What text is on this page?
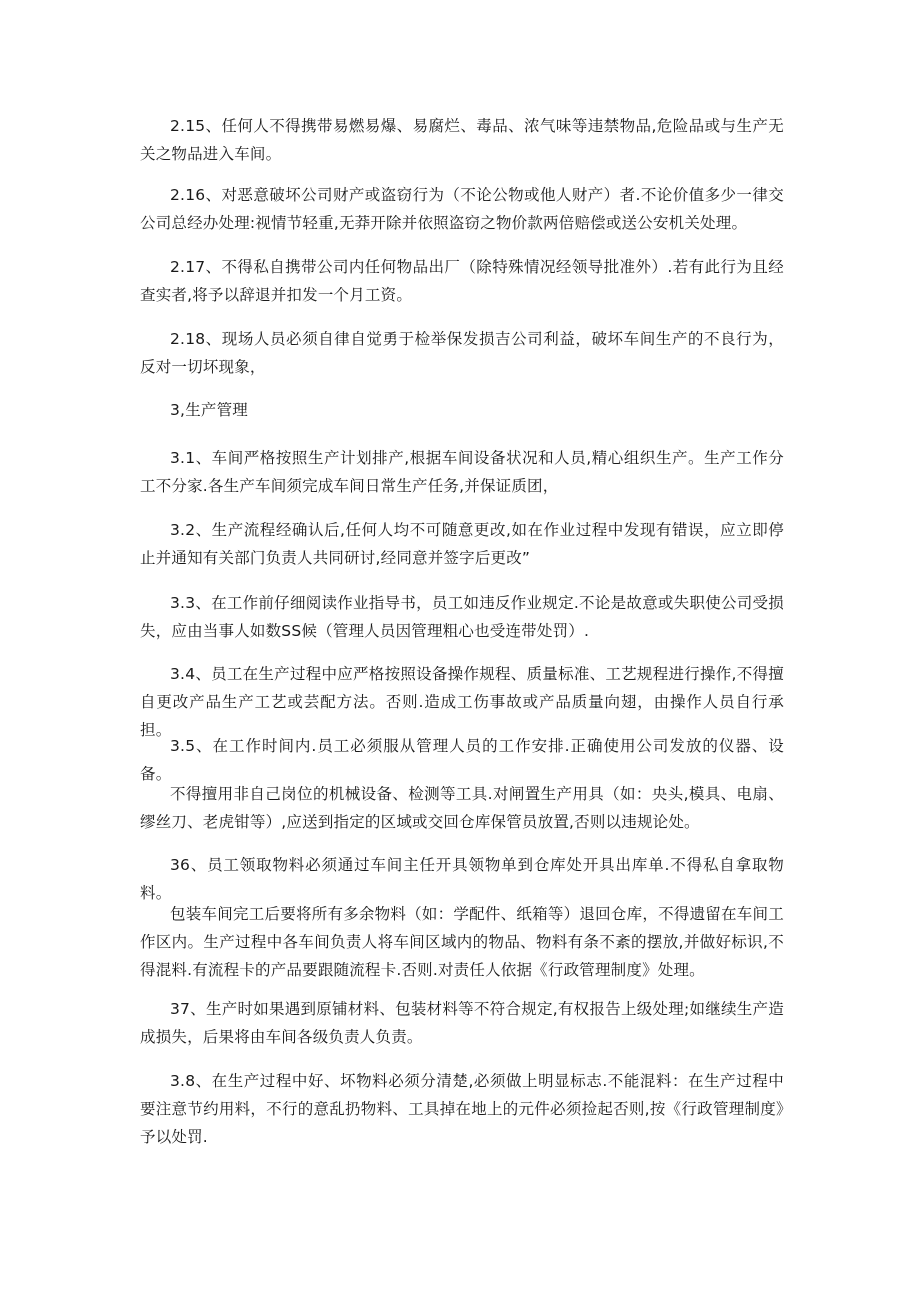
2.15、任何人不得携带易燃易爆、易腐烂、毒品、浓气味等违禁物品,危险品或与生产无关之物品进入车间。

2.16、对恶意破坏公司财产或盗窃行为（不论公物或他人财产）者.不论价值多少一律交公司总经办处理:视情节轻重,无莽开除并依照盗窃之物价款两倍赔偿或送公安机关处理。

2.17、不得私自携带公司内任何物品出厂（除特殊情况经领导批准外）.若有此行为且经查实者,将予以辞退并扣发一个月工资。

2.18、现场人员必须自律自觉勇于检举保发损吉公司利益，破坏车间生产的不良行为，反对一切坏现象，

3,生产管理

3.1、车间严格按照生产计划排产,根据车间设备状况和人员,精心组织生产。生产工作分工不分家.各生产车间须完成车间日常生产任务,并保证质团，

3.2、生产流程经确认后,任何人均不可随意更改,如在作业过程中发现有错误，应立即停止并通知有关部门负责人共同研讨,经同意并签字后更改”

3.3、在工作前仔细阅读作业指导书，员工如违反作业规定.不论是故意或失职使公司受损失，应由当事人如数SS候（管理人员因管理粗心也受连带处罚）.

3.4、员工在生产过程中应严格按照设备操作规程、质量标准、工艺规程进行操作,不得擅自更改产品生产工艺或芸配方法。否则.造成工伤事故或产品质量向翅，由操作人员自行承担。

3.5、在工作时间内.员工必须服从管理人员的工作安排.正确使用公司发放的仪器、设备。

不得擅用非自己岗位的机械设备、检测等工具.对闸置生产用具（如：央头,模具、电扇、缪丝刀、老虎钳等）,应送到指定的区域或交回仓库保管员放置,否则以违规论处。

36、员工领取物料必须通过车间主任开具领物单到仓库处开具出库单.不得私自拿取物料。

包装车间完工后要将所有多余物料（如：学配件、纸箱等）退回仓库，不得遗留在车间工作区内。生产过程中各车间负责人将车间区域内的物品、物料有条不紊的摆放,并做好标识,不得混料.有流程卡的产品要跟随流程卡.否则.对责任人依据《行政管理制度》处理。

37、生产时如果遇到原铺材料、包装材料等不符合规定,有权报告上级处理;如继续生产造成损失，后果将由车间各级负责人负责。

3.8、在生产过程中好、坏物料必须分清楚,必须做上明显标志.不能混料：在生产过程中要注意节约用料，不行的意乱扔物料、工具掉在地上的元件必须捡起否则,按《行政管理制度》予以处罚.
